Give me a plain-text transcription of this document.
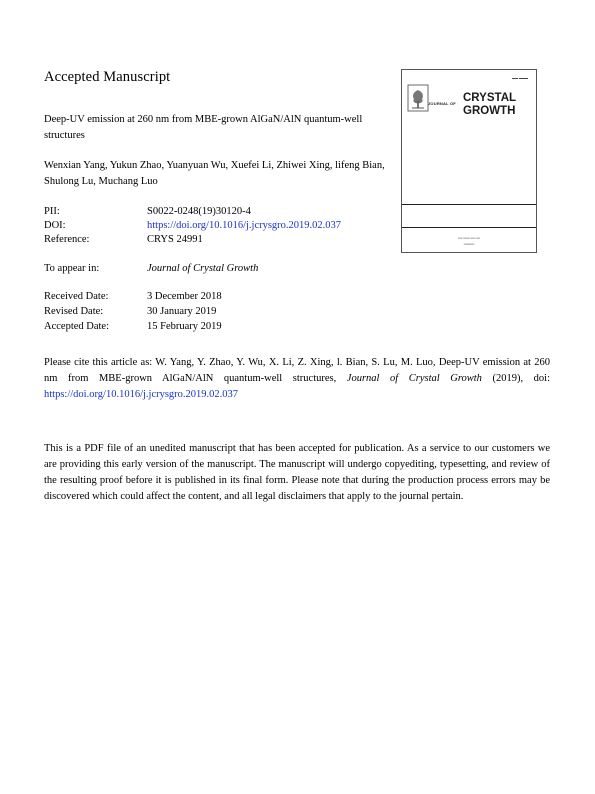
Accepted Manuscript
Deep-UV emission at 260 nm from MBE-grown AlGaN/AlN quantum-well structures
Wenxian Yang, Yukun Zhao, Yuanyuan Wu, Xuefei Li, Zhiwei Xing, lifeng Bian, Shulong Lu, Muchang Luo
PII:	S0022-0248(19)30120-4
DOI:	https://doi.org/10.1016/j.jcrysgro.2019.02.037
Reference:	CRYS 24991
To appear in:	Journal of Crystal Growth
Received Date:	3 December 2018
Revised Date:	30 January 2019
Accepted Date:	15 February 2019
Please cite this article as: W. Yang, Y. Zhao, Y. Wu, X. Li, Z. Xing, l. Bian, S. Lu, M. Luo, Deep-UV emission at 260 nm from MBE-grown AlGaN/AlN quantum-well structures, Journal of Crystal Growth (2019), doi: https://doi.org/10.1016/j.jcrysgro.2019.02.037
This is a PDF file of an unedited manuscript that has been accepted for publication. As a service to our customers we are providing this early version of the manuscript. The manuscript will undergo copyediting, typesetting, and review of the resulting proof before it is published in its final form. Please note that during the production process errors may be discovered which could affect the content, and all legal disclaimers that apply to the journal pertain.
▬▬ ▬▬▬
JOURNAL OF CRYSTAL
GROWTH
▪▪▪▪ ▪▪▪▪▪▪ ▪▪▪▪ ▪▪▪▪
▪▪▪▪▪▪▪▪▪▪
